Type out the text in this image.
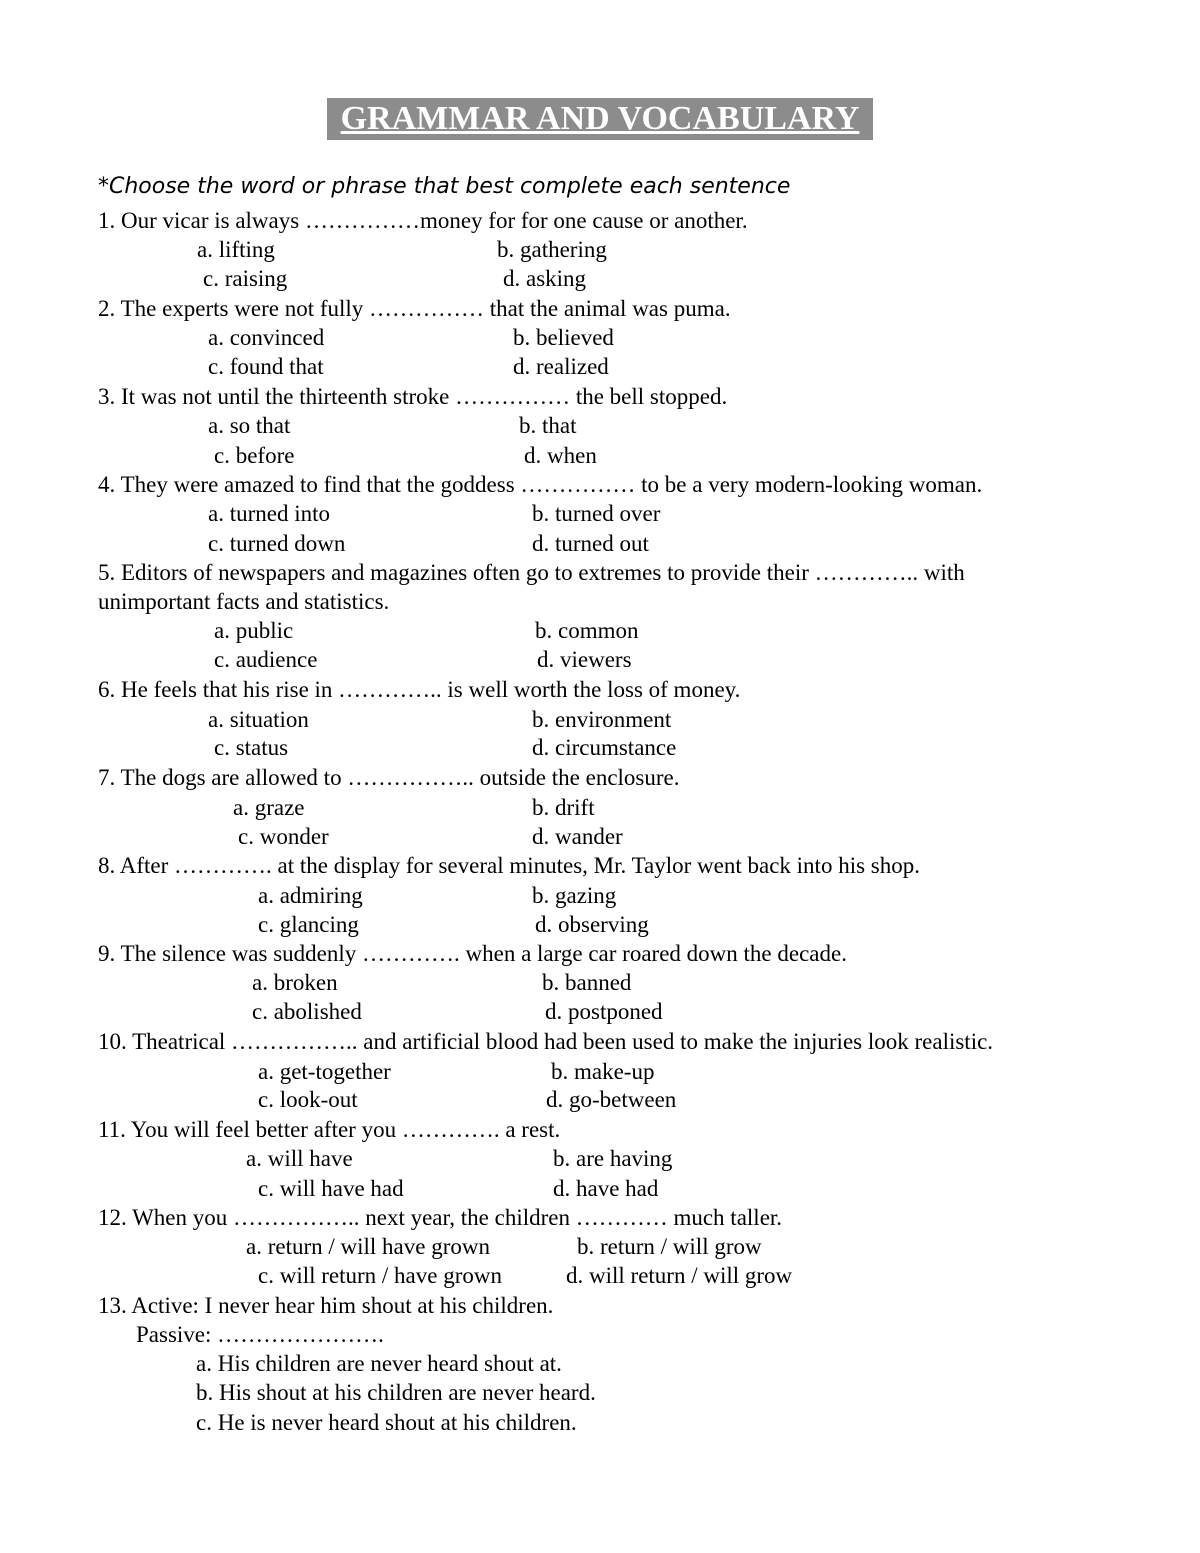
GRAMMAR AND VOCABULARY
*Choose the word or phrase that best complete each sentence
1. Our vicar is always ……………money for for one cause or another.
a. lifting	b. gathering
c. raising	d. asking
2. The experts were not fully …………… that the animal was puma.
a. convinced	b. believed
c. found that	d. realized
3. It was not until the thirteenth stroke …………… the bell stopped.
a. so that	b. that
c. before	d. when
4. They were amazed to find that the goddess …………… to be a very modern-looking woman.
a. turned into	b. turned over
c. turned down	d. turned out
5. Editors of newspapers and magazines often go to extremes to provide their ………….. with
unimportant facts and statistics.
a. public	b. common
c. audience	d. viewers
6. He feels that his rise in ………….. is well worth the loss of money.
a. situation	b. environment
c. status	d. circumstance
7. The dogs are allowed to …………….. outside the enclosure.
a. graze	b. drift
c. wonder	d. wander
8. After …………. at the display for several minutes, Mr. Taylor went back into his shop.
a. admiring	b. gazing
c. glancing	d. observing
9. The silence was suddenly …………. when a large car roared down the decade.
a. broken	b. banned
c. abolished	d. postponed
10. Theatrical …………….. and artificial blood had been used to make the injuries look realistic.
a. get-together	b. make-up
c. look-out	d. go-between
11. You will feel better after you …………. a rest.
a. will have	b. are having
c. will have had	d. have had
12. When you …………….. next year, the children ………… much taller.
a. return / will have grown	b. return / will grow
c. will return / have grown	d. will return / will grow
13. Active: I never hear him shout at his children.
Passive: ………………….
a. His children are never heard shout at.
b. His shout at his children are never heard.
c. He is never heard shout at his children.
